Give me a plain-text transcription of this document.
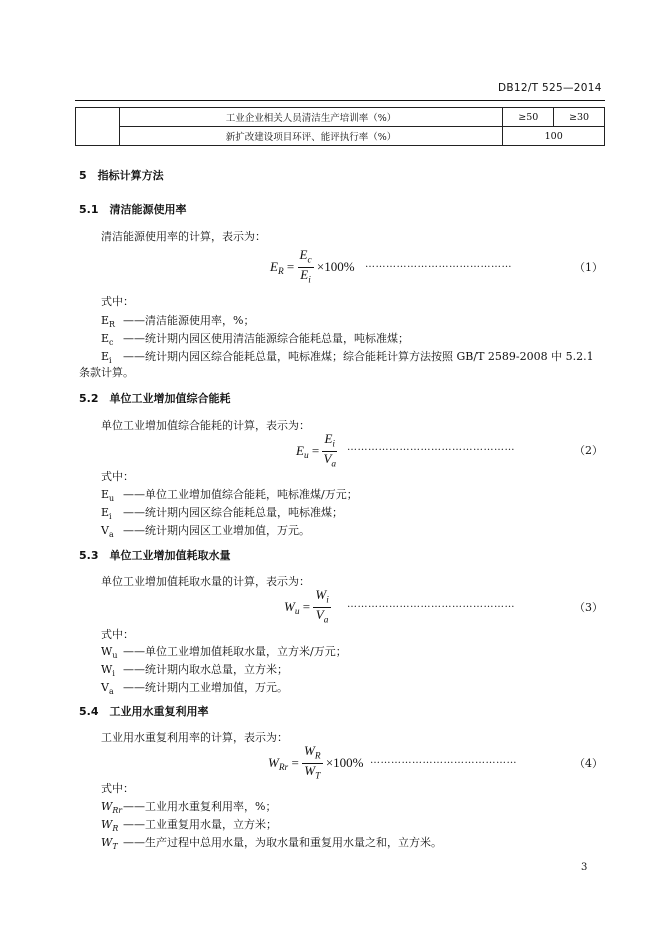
DB12/T 525—2014
	工业企业相关人员清洁生产培训率（%）	≥50	≥30
	新扩改建设项目环评、能评执行率（%）	100	
5　指标计算方法
5.1　清洁能源使用率
清洁能源使用率的计算，表示为：
$E_R = \frac{E_c}{E_i} \times 100\%$ ……………………………………	（1）
式中：
$E_R$ ——清洁能源使用率，%；
$E_c$ ——统计期内园区使用清洁能源综合能耗总量，吨标准煤；
$E_i$ ——统计期内园区综合能耗总量，吨标准煤；综合能耗计算方法按照 GB/T 2589-2008 中 5.2.1
条款计算。
5.2　单位工业增加值综合能耗
单位工业增加值综合能耗的计算，表示为：
$E_u = \frac{E_i}{V_a}$ …………………………………………	（2）
式中：
$E_u$ ——单位工业增加值综合能耗，吨标准煤/万元；
$E_i$ ——统计期内园区综合能耗总量，吨标准煤；
$V_a$ ——统计期内园区工业增加值，万元。
5.3　单位工业增加值耗取水量
单位工业增加值耗取水量的计算，表示为：
$W_u = \frac{W_i}{V_a}$ …………………………………………	（3）
式中：
$W_u$ ——单位工业增加值耗取水量，立方米/万元；
$W_i$ ——统计期内取水总量，立方米；
$V_a$ ——统计期内工业增加值，万元。
5.4　工业用水重复利用率
工业用水重复利用率的计算，表示为：
$W_{Rr} = \frac{W_R}{W_T} \times 100\%$ ……………………………………	（4）
式中：
$W_{Rr}——$工业用水重复利用率，%；
$W_R$ ——工业重复用水量，立方米；
$W_T$ ——生产过程中总用水量，为取水量和重复用水量之和，立方米。
3
